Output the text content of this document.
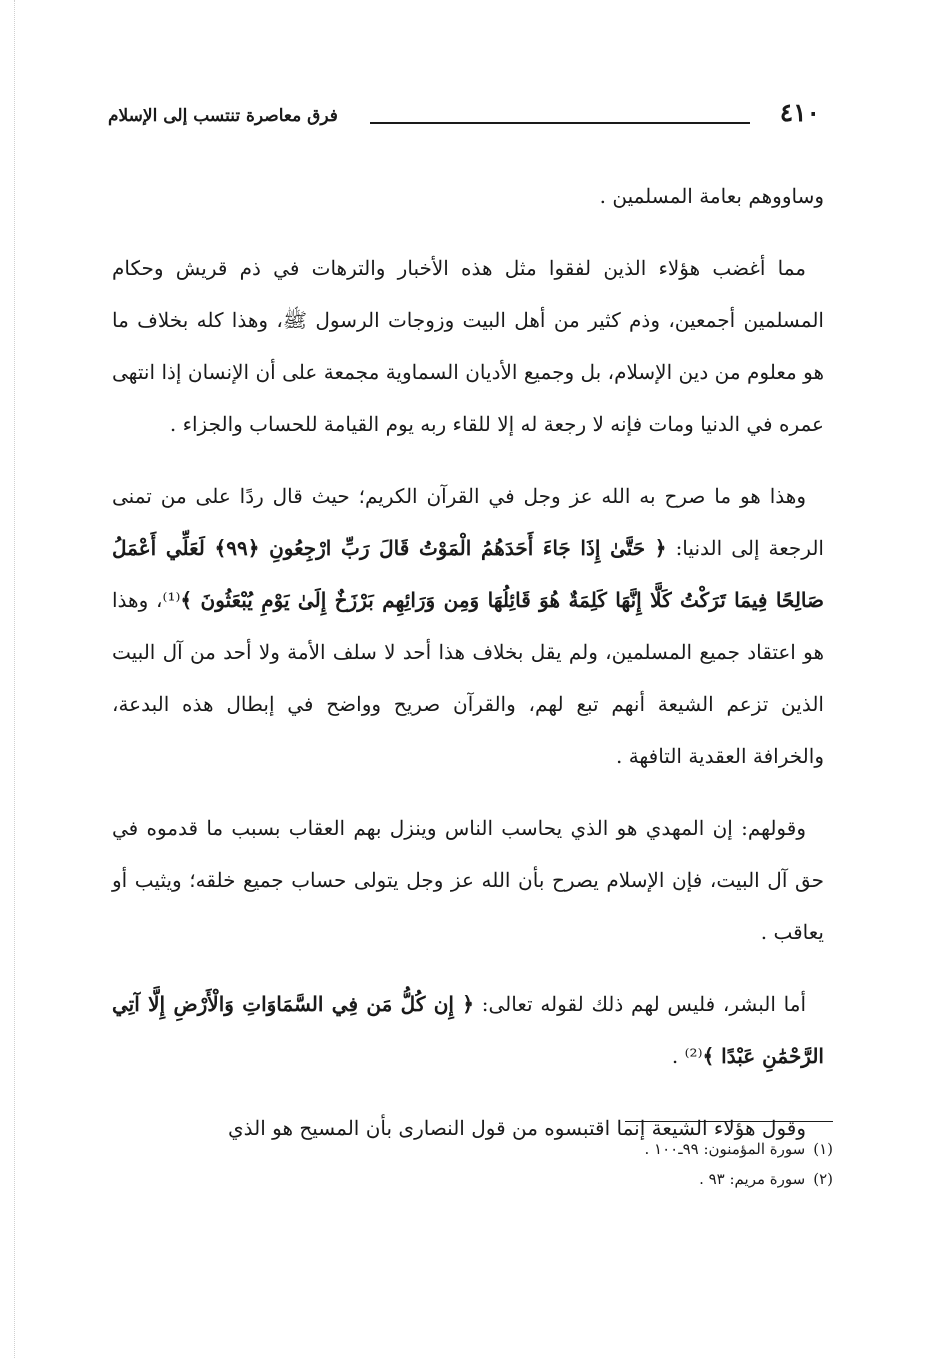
٤١٠
فرق معاصرة تنتسب إلى الإسلام

وساووهم بعامة المسلمين .

مما أغضب هؤلاء الذين لفقوا مثل هذه الأخبار والترهات في ذم قريش وحكام المسلمين أجمعين، وذم كثير من أهل البيت وزوجات الرسول ﷺ، وهذا كله بخلاف ما هو معلوم من دين الإسلام، بل وجميع الأديان السماوية مجمعة على أن الإنسان إذا انتهى عمره في الدنيا ومات فإنه لا رجعة له إلا للقاء ربه يوم القيامة للحساب والجزاء .

وهذا هو ما صرح به الله عز وجل في القرآن الكريم؛ حيث قال ردًا على من تمنى الرجعة إلى الدنيا: ﴿ حَتَّىٰ إِذَا جَاءَ أَحَدَهُمُ الْمَوْتُ قَالَ رَبِّ ارْجِعُونِ ﴿٩٩﴾ لَعَلِّي أَعْمَلُ صَالِحًا فِيمَا تَرَكْتُ كَلَّا إِنَّهَا كَلِمَةٌ هُوَ قَائِلُهَا وَمِن وَرَائِهِم بَرْزَخٌ إِلَىٰ يَوْمِ يُبْعَثُونَ ﴾⁽¹⁾، وهذا هو اعتقاد جميع المسلمين، ولم يقل بخلاف هذا أحد لا سلف الأمة ولا أحد من آل البيت الذين تزعم الشيعة أنهم تبع لهم، والقرآن صريح وواضح في إبطال هذه البدعة، والخرافة العقدية التافهة .

وقولهم: إن المهدي هو الذي يحاسب الناس وينزل بهم العقاب بسبب ما قدموه في حق آل البيت، فإن الإسلام يصرح بأن الله عز وجل يتولى حساب جميع خلقه؛ ويثيب أو يعاقب .

أما البشر، فليس لهم ذلك لقوله تعالى: ﴿ إِن كُلُّ مَن فِي السَّمَاوَاتِ وَالْأَرْضِ إِلَّا آتِي الرَّحْمَٰنِ عَبْدًا ﴾⁽²⁾ .

وقول هؤلاء الشيعة إنما اقتبسوه من قول النصارى بأن المسيح هو الذي

(١)سورة المؤمنون: ٩٩ـ١٠٠ .
(٢)سورة مريم: ٩٣ .
